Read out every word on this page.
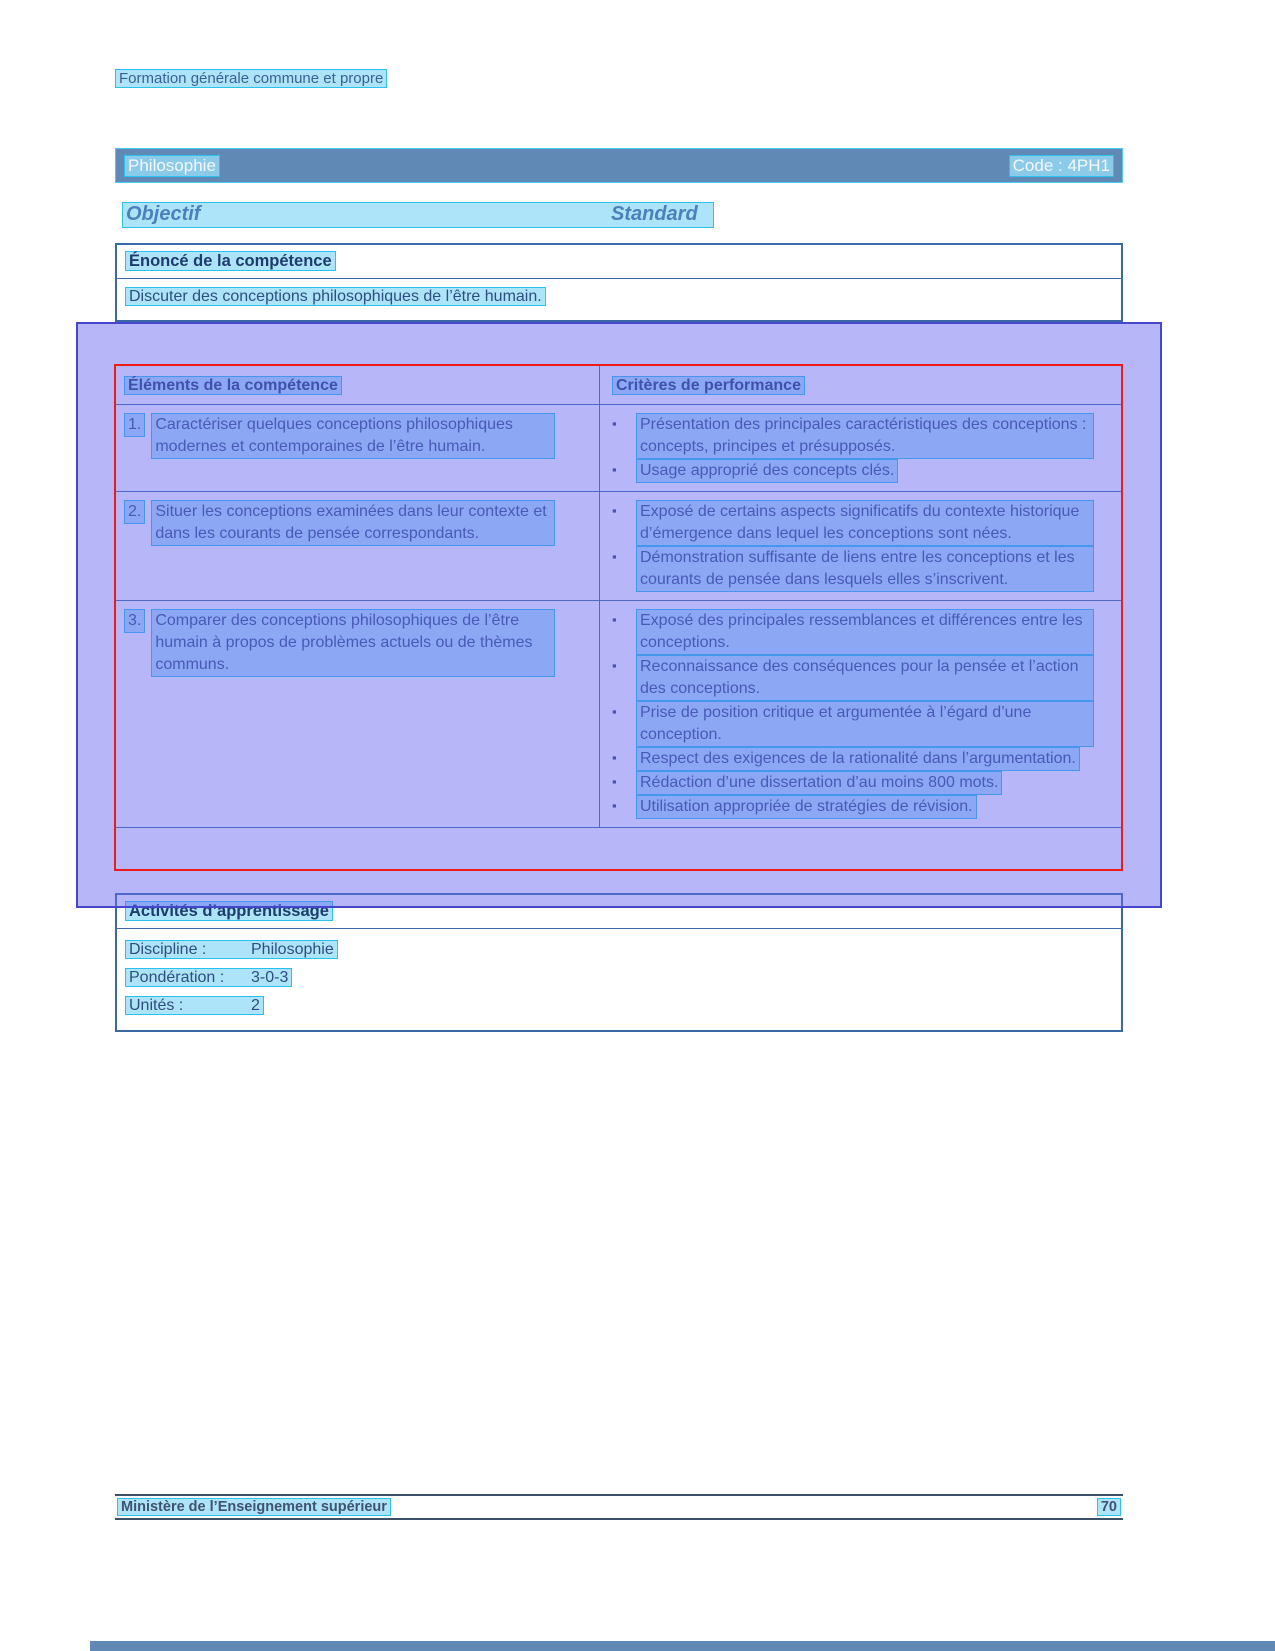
Formation générale commune et propre
Philosophie	Code : 4PH1
Objectif	Standard
Énoncé de la compétence

Discuter des conceptions philosophiques de l’être humain.

Éléments de la compétence	Critères de performance
1. Caractériser quelques conceptions philosophiques modernes et contemporaines de l’être humain.
▪	Présentation des principales caractéristiques des conceptions : concepts, principes et présupposés.
▪	Usage approprié des concepts clés.
2. Situer les conceptions examinées dans leur contexte et dans les courants de pensée correspondants.
▪	Exposé de certains aspects significatifs du contexte historique d’émergence dans lequel les conceptions sont nées.
▪	Démonstration suffisante de liens entre les conceptions et les courants de pensée dans lesquels elles s’inscrivent.
3. Comparer des conceptions philosophiques de l’être humain à propos de problèmes actuels ou de thèmes communs.
▪	Exposé des principales ressemblances et différences entre les conceptions.
▪	Reconnaissance des conséquences pour la pensée et l’action des conceptions.
▪	Prise de position critique et argumentée à l’égard d’une conception.
▪	Respect des exigences de la rationalité dans l’argumentation.
▪	Rédaction d’une dissertation d’au moins 800 mots.
▪	Utilisation appropriée de stratégies de révision.
Activités d’apprentissage
Discipline :	Philosophie
Pondération : 3-0-3
Unités :	2
Ministère de l’Enseignement supérieur	70
